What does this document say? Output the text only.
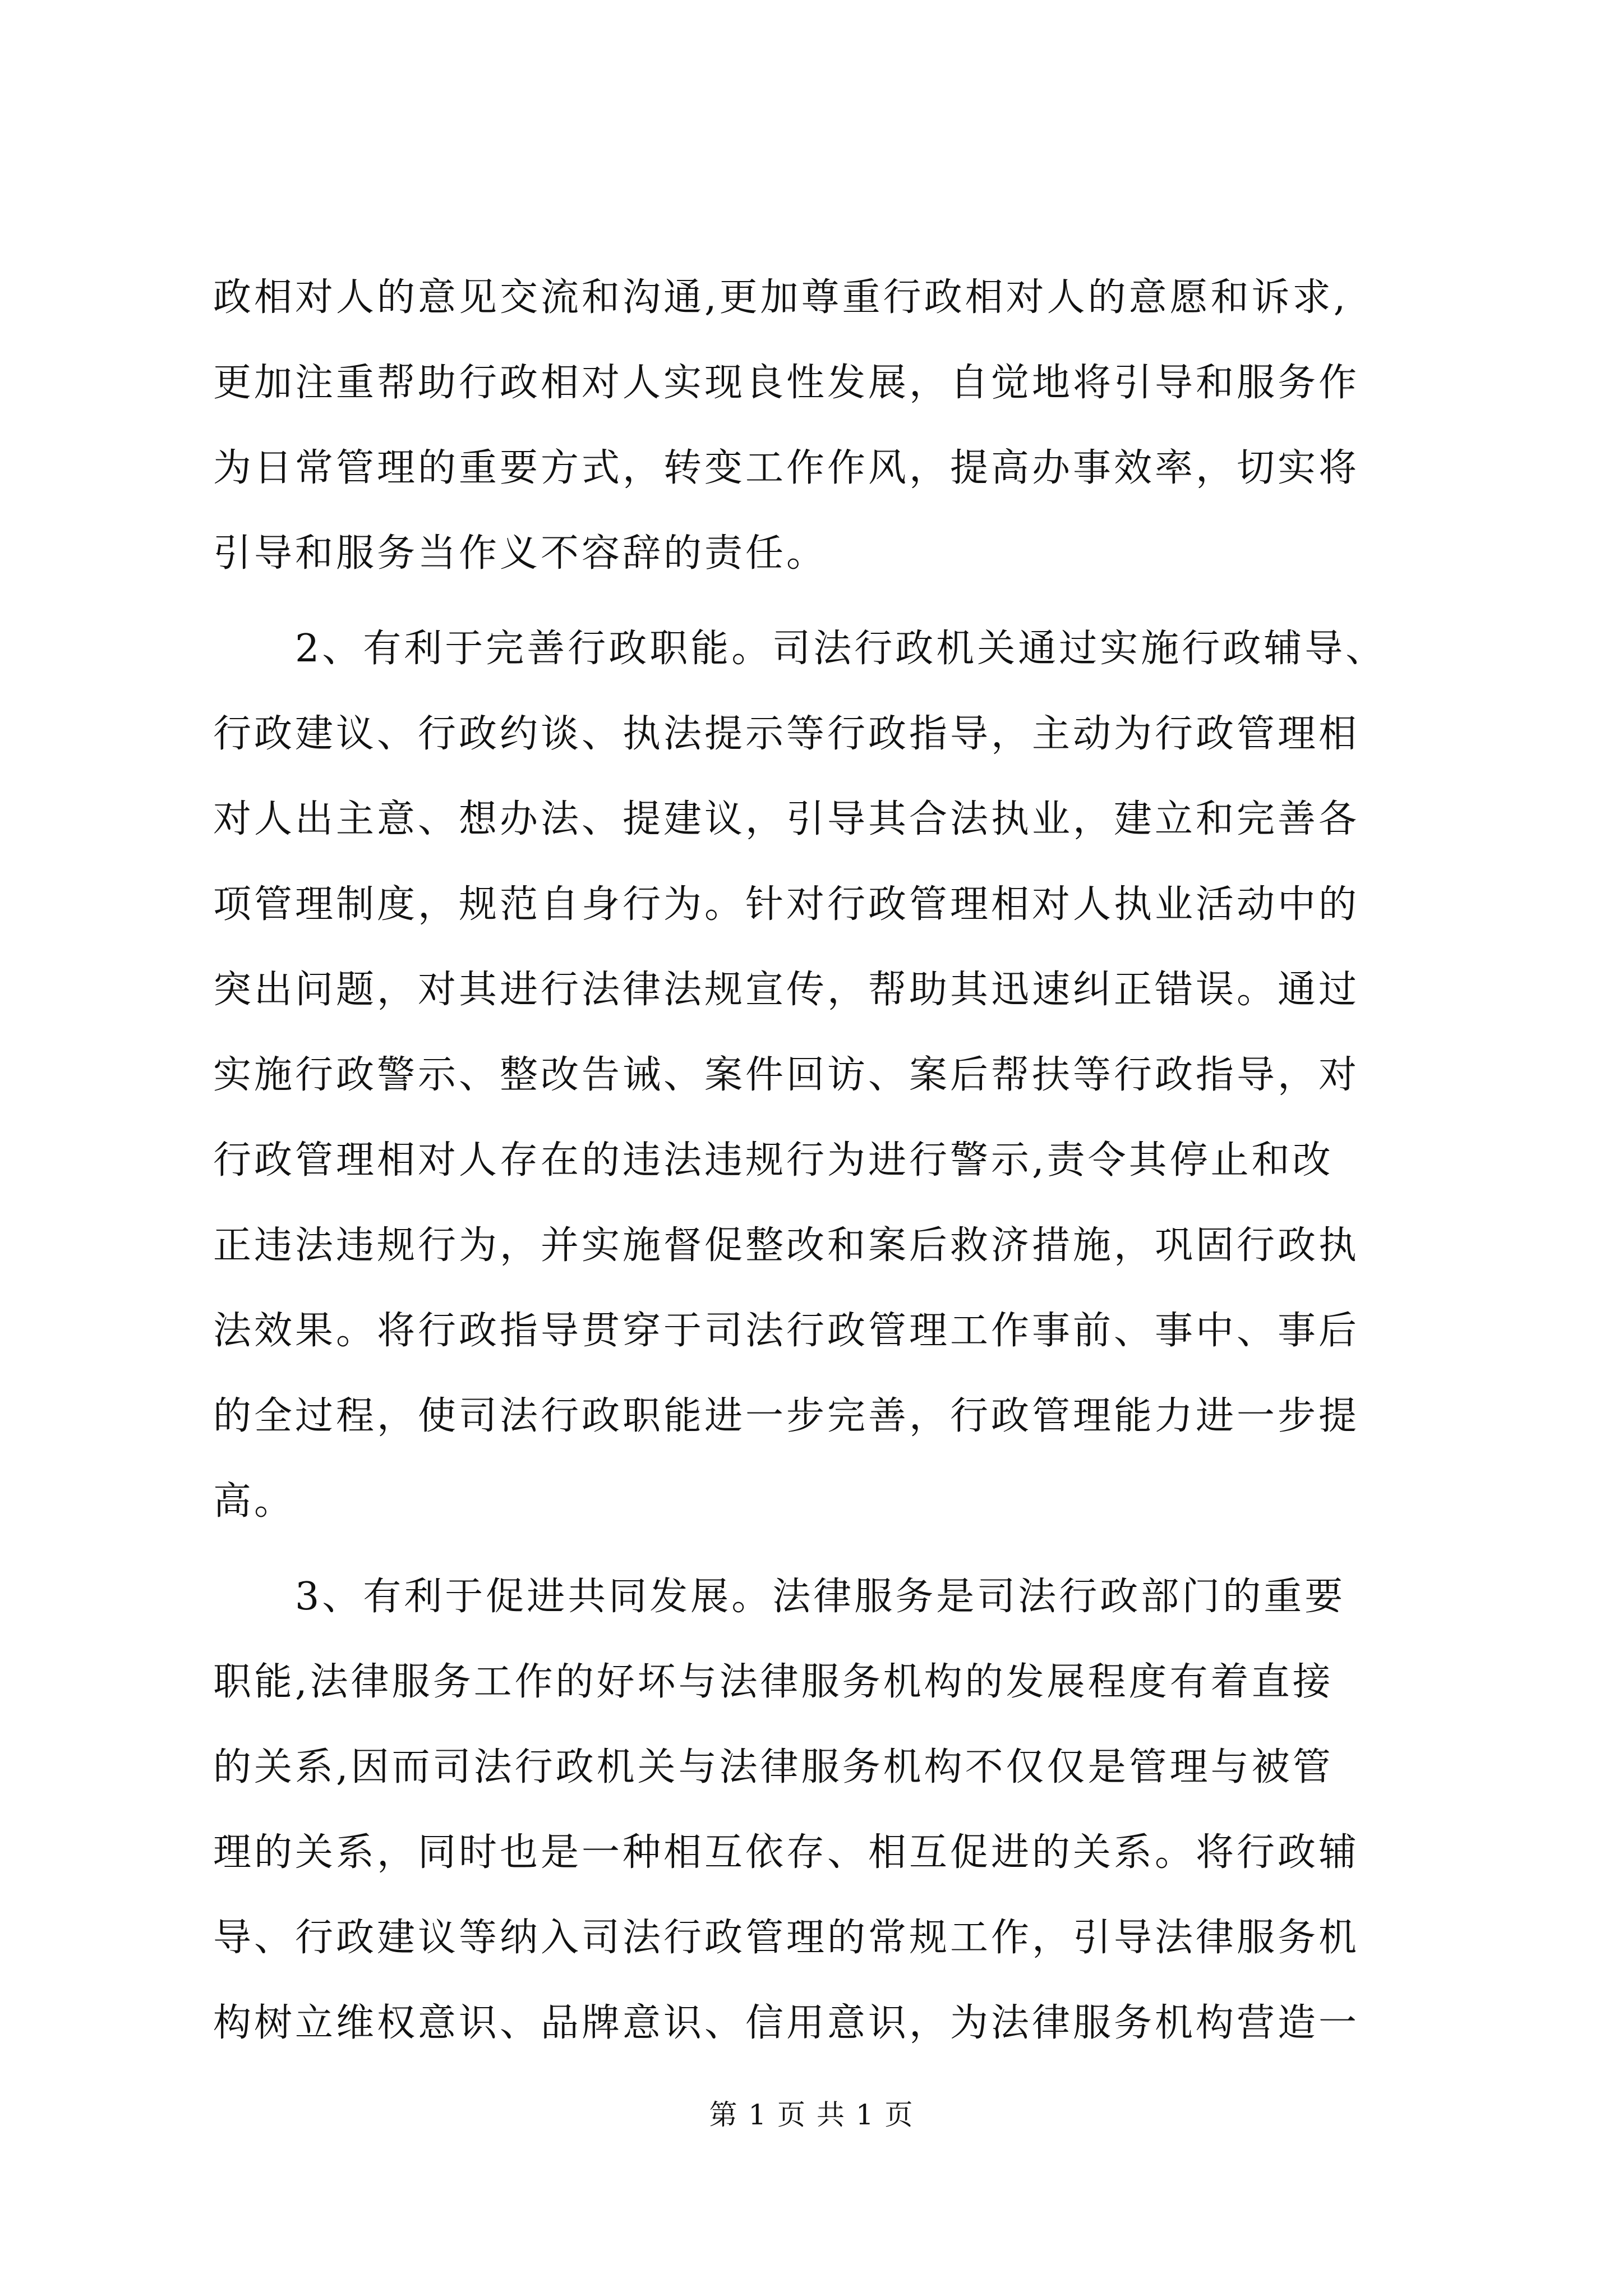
政相对人的意见交流和沟通,更加尊重行政相对人的意愿和诉求,
更加注重帮助行政相对人实现良性发展，自觉地将引导和服务作
为日常管理的重要方式，转变工作作风，提高办事效率，切实将
引导和服务当作义不容辞的责任。
2、有利于完善行政职能。司法行政机关通过实施行政辅导、
行政建议、行政约谈、执法提示等行政指导，主动为行政管理相
对人出主意、想办法、提建议，引导其合法执业，建立和完善各
项管理制度，规范自身行为。针对行政管理相对人执业活动中的
突出问题，对其进行法律法规宣传，帮助其迅速纠正错误。通过
实施行政警示、整改告诫、案件回访、案后帮扶等行政指导，对
行政管理相对人存在的违法违规行为进行警示,责令其停止和改
正违法违规行为，并实施督促整改和案后救济措施，巩固行政执
法效果。将行政指导贯穿于司法行政管理工作事前、事中、事后
的全过程，使司法行政职能进一步完善，行政管理能力进一步提
高。
3、有利于促进共同发展。法律服务是司法行政部门的重要
职能,法律服务工作的好坏与法律服务机构的发展程度有着直接
的关系,因而司法行政机关与法律服务机构不仅仅是管理与被管
理的关系，同时也是一种相互依存、相互促进的关系。将行政辅
导、行政建议等纳入司法行政管理的常规工作，引导法律服务机
构树立维权意识、品牌意识、信用意识，为法律服务机构营造一
第 1 页 共 1 页
